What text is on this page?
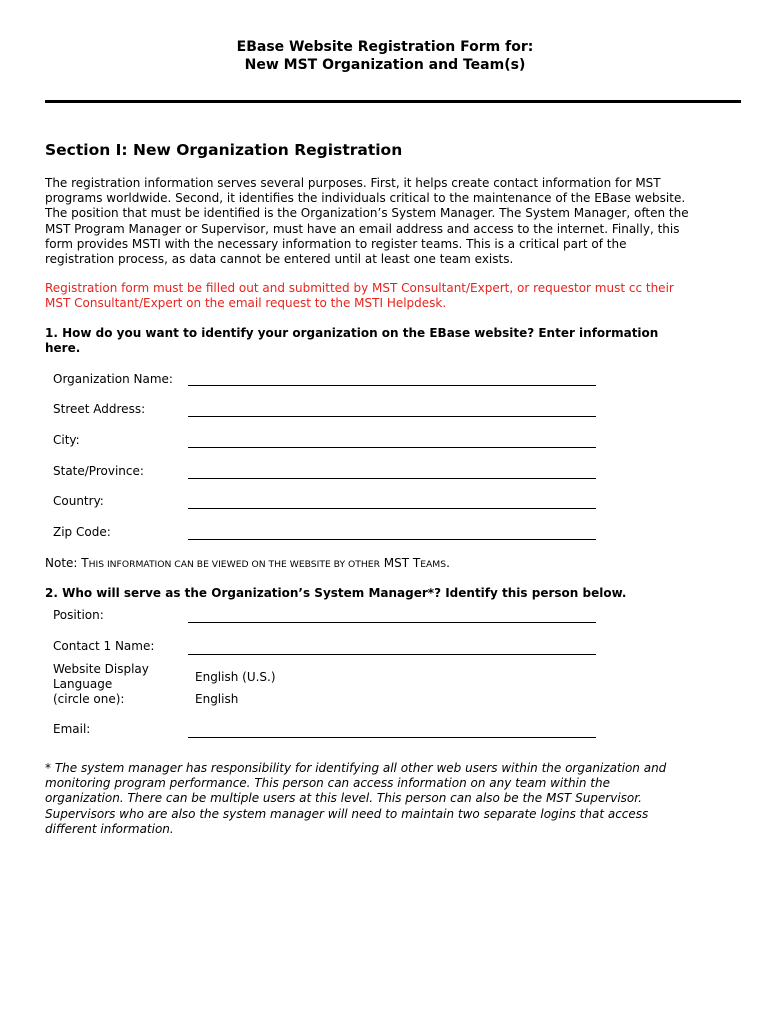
EBase Website Registration Form for:
New MST Organization and Team(s)
Section I: New Organization Registration
The registration information serves several purposes. First, it helps create contact information for MST
programs worldwide. Second, it identifies the individuals critical to the maintenance of the EBase website.
The position that must be identified is the Organization’s System Manager. The System Manager, often the
MST Program Manager or Supervisor, must have an email address and access to the internet. Finally, this
form provides MSTI with the necessary information to register teams. This is a critical part of the
registration process, as data cannot be entered until at least one team exists.
Registration form must be filled out and submitted by MST Consultant/Expert, or requestor must cc their
MST Consultant/Expert on the email request to the MSTI Helpdesk.
1. How do you want to identify your organization on the EBase website? Enter information
here.
Organization Name:
Street Address:
City:
State/Province:
Country:
Zip Code:
Note: THIS INFORMATION CAN BE VIEWED ON THE WEBSITE BY OTHER MST TEAMS.
2. Who will serve as the Organization’s System Manager*? Identify this person below.
Position:
Contact 1 Name:
Website Display
Language
(circle one):
English (U.S.)
English
Email:
* The system manager has responsibility for identifying all other web users within the organization and
monitoring program performance. This person can access information on any team within the
organization. There can be multiple users at this level. This person can also be the MST Supervisor.
Supervisors who are also the system manager will need to maintain two separate logins that access
different information.
